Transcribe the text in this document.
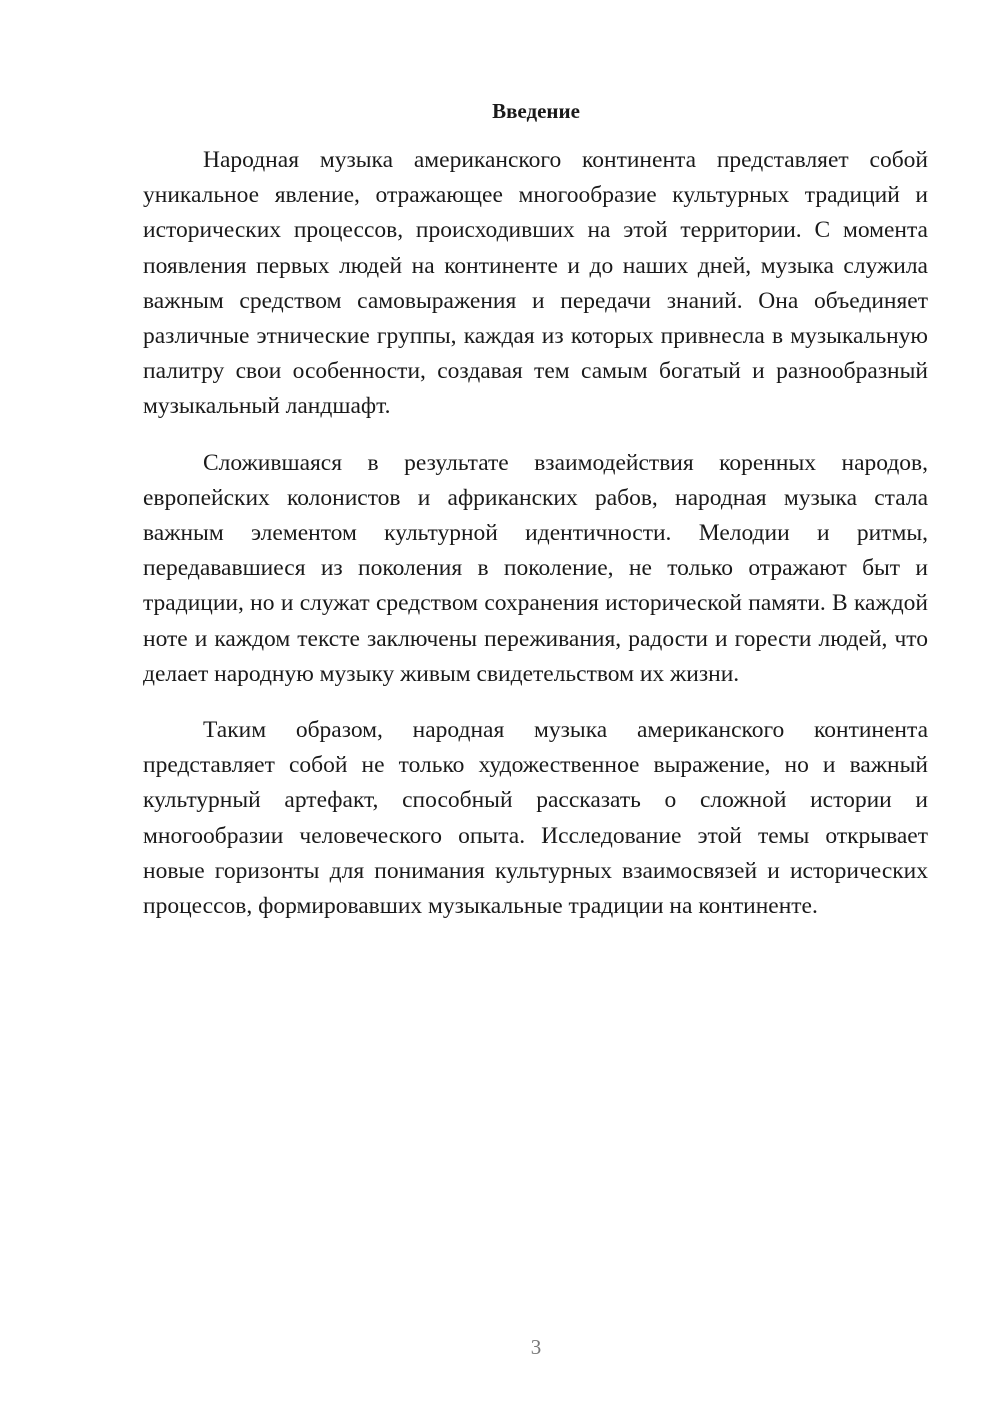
Введение

Народная музыка американского континента представляет собой уникальное явление, отражающее многообразие культурных традиций и исторических процессов, происходивших на этой территории. С момента появления первых людей на континенте и до наших дней, музыка служила важным средством самовыражения и передачи знаний. Она объединяет различные этнические группы, каждая из которых привнесла в музыкальную палитру свои особенности, создавая тем самым богатый и разнообразный музыкальный ландшафт.

Сложившаяся в результате взаимодействия коренных народов, европейских колонистов и африканских рабов, народная музыка стала важным элементом культурной идентичности. Мелодии и ритмы, передававшиеся из поколения в поколение, не только отражают быт и традиции, но и служат средством сохранения исторической памяти. В каждой ноте и каждом тексте заключены переживания, радости и горести людей, что делает народную музыку живым свидетельством их жизни.

Таким образом, народная музыка американского континента представляет собой не только художественное выражение, но и важный культурный артефакт, способный рассказать о сложной истории и многообразии человеческого опыта. Исследование этой темы открывает новые горизонты для понимания культурных взаимосвязей и исторических процессов, формировавших музыкальные традиции на континенте.

3
